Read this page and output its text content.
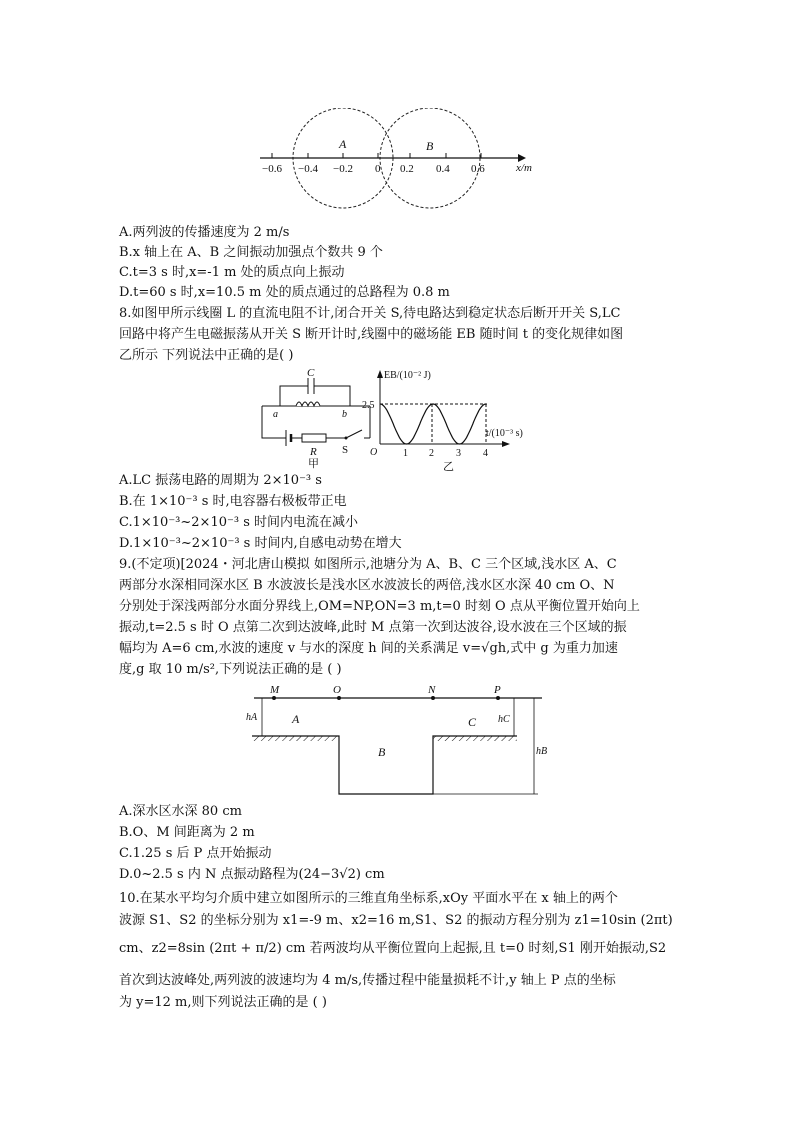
−0.6 −0.4 −0.2 0 0.2 0.4 0.6
A	B
x/m
A.两列波的传播速度为 2 m/s
B.x 轴上在 A、B 之间振动加强点个数共 9 个
C.t=3 s 时,x=-1 m 处的质点向上振动
D.t=60 s 时,x=10.5 m 处的质点通过的总路程为 0.8 m
8.如图甲所示线圈 L 的直流电阻不计,闭合开关 S,待电路达到稳定状态后断开开关 S,LC
回路中将产生电磁振荡从开关 S 断开计时,线圈中的磁场能 EB 随时间 t 的变化规律如图
乙所示 下列说法中正确的是( )
C
a	b
R S
甲
EB/(10⁻² J)
2.5
O
t/(10⁻³ s)
1 2 3 4
乙
A.LC 振荡电路的周期为 2×10⁻³ s
B.在 1×10⁻³ s 时,电容器右极板带正电
C.1×10⁻³~2×10⁻³ s 时间内电流在减小
D.1×10⁻³~2×10⁻³ s 时间内,自感电动势在增大
9.(不定项)[2024・河北唐山模拟 如图所示,池塘分为 A、B、C 三个区域,浅水区 A、C
两部分水深相同深水区 B 水波波长是浅水区水波波长的两倍,浅水区水深 40 cm O、N
分别处于深浅两部分水面分界线上,OM=NP,ON=3 m,t=0 时刻 O 点从平衡位置开始向上
振动,t=2.5 s 时 O 点第二次到达波峰,此时 M 点第一次到达波谷,设水波在三个区域的振
幅均为 A=6 cm,水波的速度 v 与水的深度 h 间的关系满足 v=√gh,式中 g 为重力加速
度,g 取 10 m/s²,下列说法正确的是 ( )
M	O	N	P
A
B
C
hA	hC
hB
A.深水区水深 80 cm
B.O、M 间距离为 2 m
C.1.25 s 后 P 点开始振动
D.0~2.5 s 内 N 点振动路程为(24−3√2) cm
10.在某水平均匀介质中建立如图所示的三维直角坐标系,xOy 平面水平在 x 轴上的两个
波源 S1、S2 的坐标分别为 x1=-9 m、x2=16 m,S1、S2 的振动方程分别为 z1=10sin (2πt)
cm、z2=8sin (2πt + π/2) cm 若两波均从平衡位置向上起振,且 t=0 时刻,S1 刚开始振动,S2
首次到达波峰处,两列波的波速均为 4 m/s,传播过程中能量损耗不计,y 轴上 P 点的坐标
为 y=12 m,则下列说法正确的是 ( )
